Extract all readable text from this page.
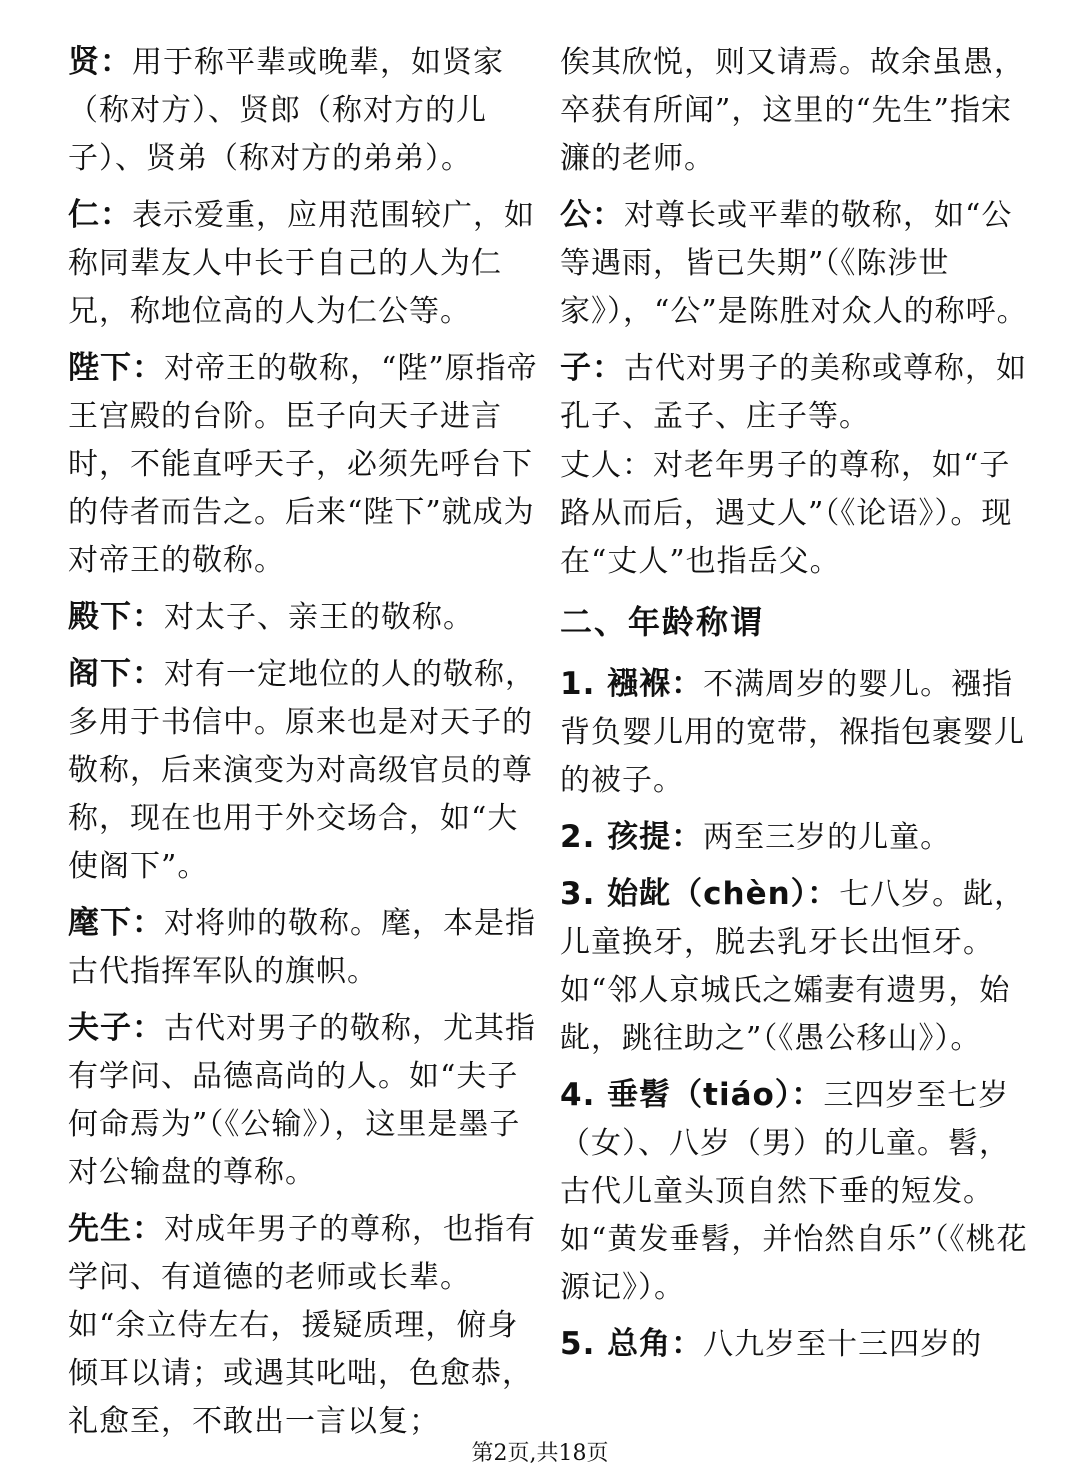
贤：用于称平辈或晚辈，如贤家（称对方）、贤郎（称对方的儿子）、贤弟（称对方的弟弟）。

仁：表示爱重，应用范围较广，如称同辈友人中长于自己的人为仁兄，称地位高的人为仁公等。

陛下：对帝王的敬称，“陛”原指帝王宫殿的台阶。臣子向天子进言时，不能直呼天子，必须先呼台下的侍者而告之。后来“陛下”就成为对帝王的敬称。

殿下：对太子、亲王的敬称。

阁下：对有一定地位的人的敬称，多用于书信中。原来也是对天子的敬称，后来演变为对高级官员的尊称，现在也用于外交场合，如“大使阁下”。

麾下：对将帅的敬称。麾，本是指古代指挥军队的旗帜。

夫子：古代对男子的敬称，尤其指有学问、品德高尚的人。如“夫子何命焉为”（《公输》），这里是墨子对公输盘的尊称。

先生：对成年男子的尊称，也指有学问、有道德的老师或长辈。如“余立侍左右，援疑质理，俯身倾耳以请；或遇其叱咄，色愈恭，礼愈至，不敢出一言以复；

俟其欣悦，则又请焉。故余虽愚，卒获有所闻”，这里的“先生”指宋濂的老师。

公：对尊长或平辈的敬称，如“公等遇雨，皆已失期”（《陈涉世家》），“公”是陈胜对众人的称呼。

子：古代对男子的美称或尊称，如孔子、孟子、庄子等。

丈人：对老年男子的尊称，如“子路从而后，遇丈人”（《论语》）。现在“丈人”也指岳父。

二、年龄称谓

1. 襁褓：不满周岁的婴儿。襁指背负婴儿用的宽带，褓指包裹婴儿的被子。

2. 孩提：两至三岁的儿童。

3. 始龀（chèn）：七八岁。龀，儿童换牙，脱去乳牙长出恒牙。如“邻人京城氏之孀妻有遗男，始龀，跳往助之”（《愚公移山》）。

4. 垂髫（tiáo）：三四岁至七岁（女）、八岁（男）的儿童。髫，古代儿童头顶自然下垂的短发。如“黄发垂髫，并怡然自乐”（《桃花源记》）。

5. 总角：八九岁至十三四岁的

第2页,共18页
